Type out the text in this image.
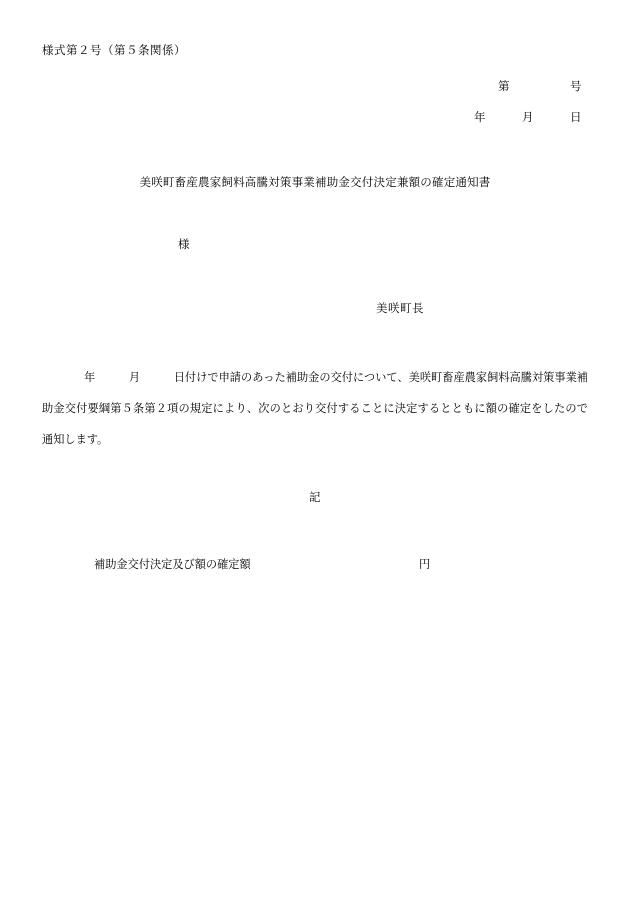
様式第２号（第５条関係）
第　　　　　号
年　　　月　　　日
美咲町畜産農家飼料高騰対策事業補助金交付決定兼額の確定通知書
様
美咲町長
年　　　月　　　日付けで申請のあった補助金の交付について、美咲町畜産農家飼料高騰対策事業補助金交付要綱第５条第２項の規定により、次のとおり交付することに決定するとともに額の確定をしたので通知します。
記
補助金交付決定及び額の確定額	円
